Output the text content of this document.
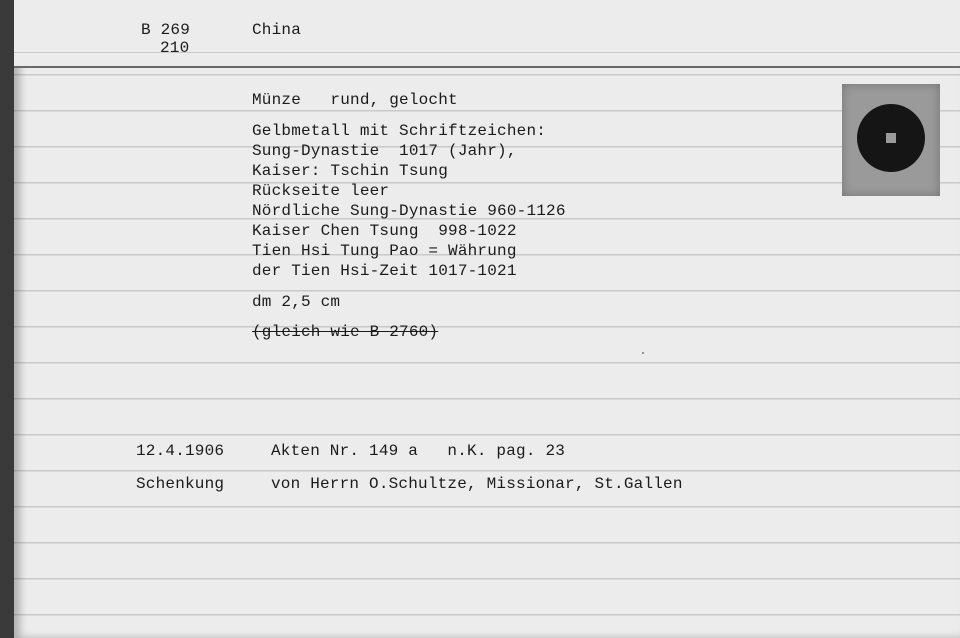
B 269
210
China
Münze   rund, gelocht
Gelbmetall mit Schriftzeichen:
Sung-Dynastie  1017 (Jahr),
Kaiser: Tschin Tsung
Rückseite leer
Nördliche Sung-Dynastie 960-1126
Kaiser Chen Tsung  998-1022
Tien Hsi Tung Pao = Währung
der Tien Hsi-Zeit 1017-1021
dm 2,5 cm
(gleich wie B 2760)
12.4.1906	Akten Nr. 149 a   n.K. pag. 23
Schenkung	von Herrn O.Schultze, Missionar, St.Gallen
